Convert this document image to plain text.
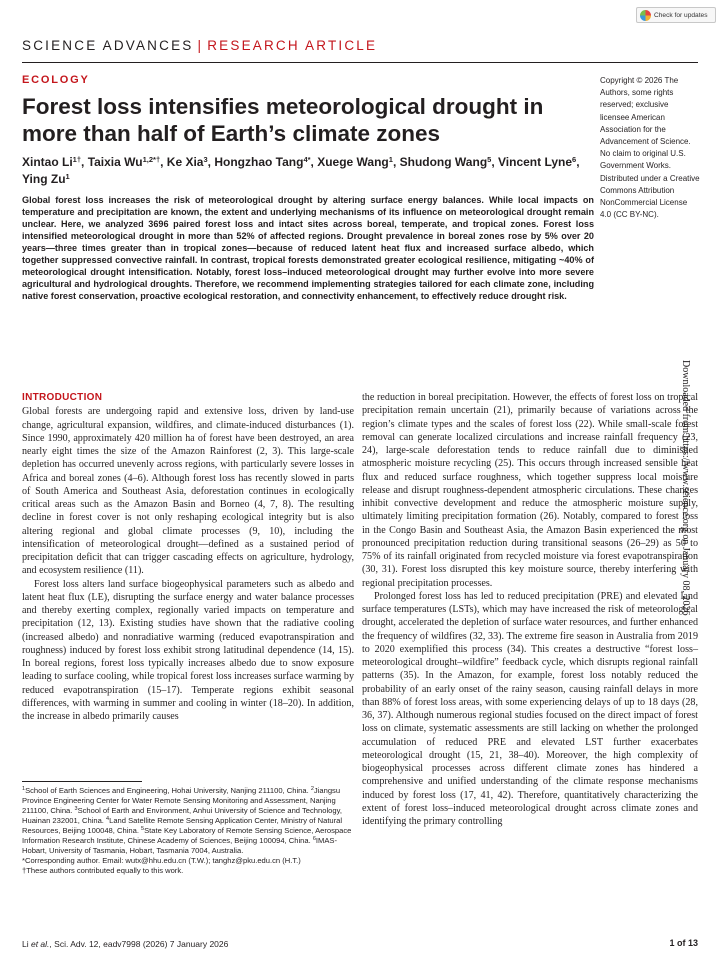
Check for updates
SCIENCE ADVANCES | RESEARCH ARTICLE
ECOLOGY
Forest loss intensifies meteorological drought in more than half of Earth’s climate zones
Xintao $Li^{1\dagger}$, Taixia $Wu^{1,2*\dagger}$, Ke Xia$^3$, Hongzhao Tang$^{4*}$, Xuege Wang$^1$, Shudong Wang$^5$, Vincent Lyne$^6$, Ying Zu$^1$
Global forest loss increases the risk of meteorological drought by altering surface energy balances. While local impacts on temperature and precipitation are known, the extent and underlying mechanisms of its influence on meteorological drought remain unclear. Here, we analyzed 3696 paired forest loss and intact sites across boreal, temperate, and tropical zones. Forest loss intensified meteorological drought in more than 52% of affected regions. Drought prevalence in boreal zones rose by 5% over 20 years—three times greater than in tropical zones—because of reduced latent heat flux and increased surface albedo, which together suppressed convective rainfall. In contrast, tropical forests demonstrated greater ecological resilience, mitigating ~40% of meteorological drought intensification. Notably, forest loss–induced meteorological drought may further evolve into more severe agricultural and hydrological droughts. Therefore, we recommend implementing strategies tailored for each climate zone, including native forest conservation, proactive ecological restoration, and connectivity enhancement, to effectively reduce drought risk.
Copyright © 2026 The Authors, some rights reserved; exclusive licensee American Association for the Advancement of Science. No claim to original U.S. Government Works. Distributed under a Creative Commons Attribution NonCommercial License 4.0 (CC BY-NC).
Downloaded from https://www.science.org on January 08, 2026
INTRODUCTION

Global forests are undergoing rapid and extensive loss, driven by land-use change, agricultural expansion, wildfires, and climate-induced disturbances (1). Since 1990, approximately 420 million ha of forest have been destroyed, an area nearly eight times the size of the Amazon Rainforest (2, 3). This large-scale depletion has occurred unevenly across regions, with particularly severe losses in Africa and boreal zones (4–6). Although forest loss has recently slowed in parts of South America and Southeast Asia, deforestation continues in ecologically critical areas such as the Amazon Basin and Borneo (4, 7, 8). The resulting decline in forest cover is not only reshaping ecological integrity but is also altering regional and global climate processes (9, 10), including the intensification of meteorological drought—defined as a sustained period of precipitation deficit that can trigger cascading effects on agriculture, hydrology, and ecosystem resilience (11).

Forest loss alters land surface biogeophysical parameters such as albedo and latent heat flux (LE), disrupting the surface energy and water balance processes and thereby exerting complex, regionally varied impacts on temperature and precipitation (12, 13). Existing studies have shown that the radiative cooling (increased albedo) and nonradiative warming (reduced evapotranspiration and roughness) induced by forest loss exhibit strong latitudinal dependence (14, 15). In boreal regions, forest loss typically increases albedo due to snow exposure leading to surface cooling, while tropical forest loss increases surface warming by reduced evapotranspiration (15–17). Temperate regions exhibit seasonal differences, with warming in summer and cooling in winter (18–20). In addition, the increase in albedo primarily causes

the reduction in boreal precipitation. However, the effects of forest loss on tropical precipitation remain uncertain (21), primarily because of variations across the region’s climate types and the scales of forest loss (22). While small-scale forest removal can generate localized circulations and increase rainfall frequency (23, 24), large-scale deforestation tends to reduce rainfall due to diminished atmospheric moisture recycling (25). This occurs through increased sensible heat flux and reduced surface roughness, which together suppress local moisture release and disrupt roughness-dependent atmospheric circulations. These changes inhibit convective development and reduce the atmospheric moisture supply, ultimately limiting precipitation formation (26). Notably, compared to forest loss in the Congo Basin and Southeast Asia, the Amazon Basin experienced the most pronounced precipitation reduction during transitional seasons (26–29) as 50 to 75% of its rainfall originated from recycled moisture via forest evapotranspiration (30, 31). Forest loss disrupted this key moisture source, thereby interfering with regional precipitation processes.

Prolonged forest loss has led to reduced precipitation (PRE) and elevated land surface temperatures (LSTs), which may have increased the risk of meteorological drought, accelerated the depletion of surface water resources, and further enhanced the frequency of wildfires (32, 33). The extreme fire season in Australia from 2019 to 2020 exemplified this process (34). This creates a destructive “forest loss–meteorological drought–wildfire” feedback cycle, which disrupts regional rainfall patterns (35). In the Amazon, for example, forest loss notably reduced the probability of an early onset of the rainy season, causing rainfall delays in more than 88% of forest loss areas, with some experiencing delays of up to 18 days (28, 36, 37). Although numerous regional studies focused on the direct impact of forest loss on climate, systematic assessments are still lacking on whether the prolonged accumulation of reduced PRE and elevated LST further exacerbates meteorological drought (15, 21, 38–40). Moreover, the high complexity of biogeophysical processes across different climate zones has hindered a comprehensive and unified understanding of the climate response mechanisms induced by forest loss (17, 41, 42). Therefore, quantitatively characterizing the extent of forest loss–induced meteorological drought across climate zones and identifying the primary controlling

$^1$School of Earth Sciences and Engineering, Hohai University, Nanjing 211100, China. $^2$Jiangsu Province Engineering Center for Water Remote Sensing Monitoring and Assessment, Nanjing 211100, China. $^3$School of Earth and Environment, Anhui University of Science and Technology, Huainan 232001, China. $^4$Land Satellite Remote Sensing Application Center, Ministry of Natural Resources, Beijing 100048, China. $^5$State Key Laboratory of Remote Sensing Science, Aerospace Information Research Institute, Chinese Academy of Sciences, Beijing 100094, China. $^6$IMAS-Hobart, University of Tasmania, Hobart, Tasmania 7004, Australia.
*Corresponding author. Email: wutx@hhu.edu.cn (T.W.); tanghz@pku.edu.cn (H.T.)
†These authors contributed equally to this work.
Li et al., Sci. Adv. 12, eadv7998 (2026) 7 January 2026	1 of 13
